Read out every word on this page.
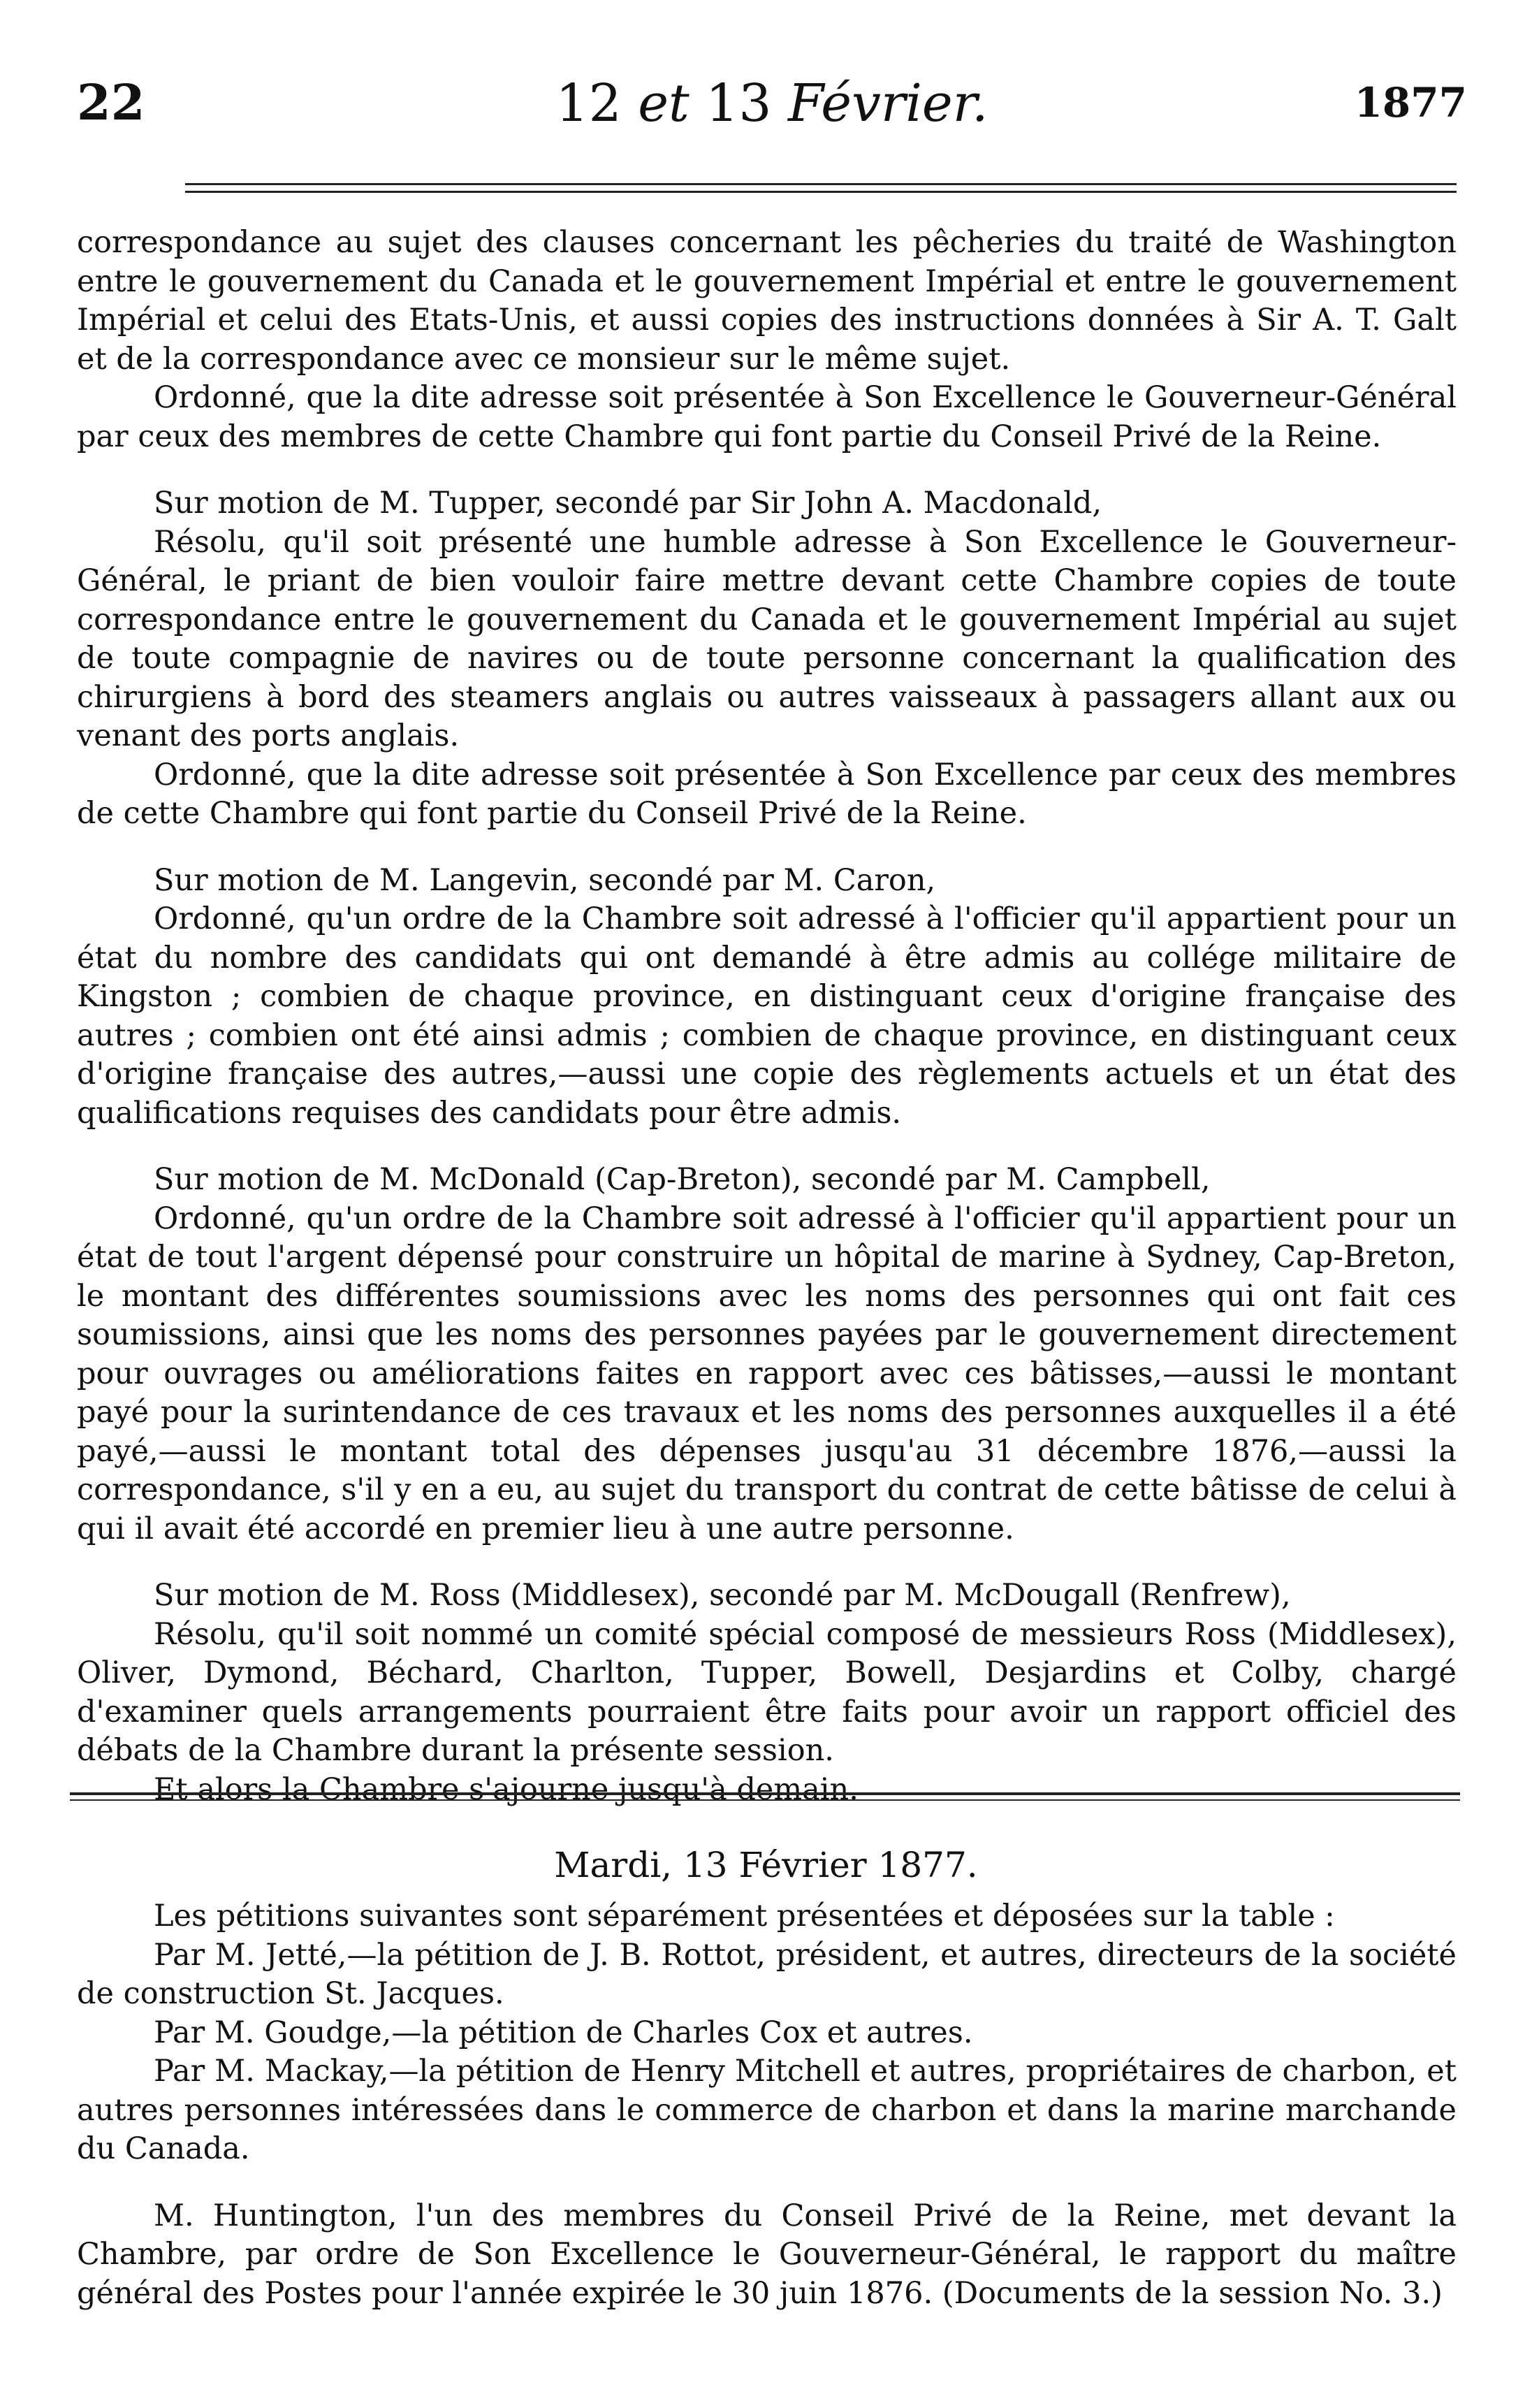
22	12 et 13 Février.	1877

correspondance au sujet des clauses concernant les pêcheries du traité de Washington entre le gouvernement du Canada et le gouvernement Impérial et entre le gouvernement Impérial et celui des Etats-Unis, et aussi copies des instructions données à Sir A. T. Galt et de la correspondance avec ce monsieur sur le même sujet.

Ordonné, que la dite adresse soit présentée à Son Excellence le Gouverneur-Général par ceux des membres de cette Chambre qui font partie du Conseil Privé de la Reine.

Sur motion de M. Tupper, secondé par Sir John A. Macdonald,

Résolu, qu'il soit présenté une humble adresse à Son Excellence le Gouverneur-Général, le priant de bien vouloir faire mettre devant cette Chambre copies de toute correspondance entre le gouvernement du Canada et le gouvernement Impérial au sujet de toute compagnie de navires ou de toute personne concernant la qualification des chirurgiens à bord des steamers anglais ou autres vaisseaux à passagers allant aux ou venant des ports anglais.

Ordonné, que la dite adresse soit présentée à Son Excellence par ceux des membres de cette Chambre qui font partie du Conseil Privé de la Reine.

Sur motion de M. Langevin, secondé par M. Caron,

Ordonné, qu'un ordre de la Chambre soit adressé à l'officier qu'il appartient pour un état du nombre des candidats qui ont demandé à être admis au collége militaire de Kingston ; combien de chaque province, en distinguant ceux d'origine française des autres ; combien ont été ainsi admis ; combien de chaque province, en distinguant ceux d'origine française des autres,—aussi une copie des règlements actuels et un état des qualifications requises des candidats pour être admis.

Sur motion de M. McDonald (Cap-Breton), secondé par M. Campbell,

Ordonné, qu'un ordre de la Chambre soit adressé à l'officier qu'il appartient pour un état de tout l'argent dépensé pour construire un hôpital de marine à Sydney, Cap-Breton, le montant des différentes soumissions avec les noms des personnes qui ont fait ces soumissions, ainsi que les noms des personnes payées par le gouvernement directement pour ouvrages ou améliorations faites en rapport avec ces bâtisses,—aussi le montant payé pour la surintendance de ces travaux et les noms des personnes auxquelles il a été payé,—aussi le montant total des dépenses jusqu'au 31 décembre 1876,—aussi la correspondance, s'il y en a eu, au sujet du transport du contrat de cette bâtisse de celui à qui il avait été accordé en premier lieu à une autre personne.

Sur motion de M. Ross (Middlesex), secondé par M. McDougall (Renfrew),

Résolu, qu'il soit nommé un comité spécial composé de messieurs Ross (Middlesex), Oliver, Dymond, Béchard, Charlton, Tupper, Bowell, Desjardins et Colby, chargé d'examiner quels arrangements pourraient être faits pour avoir un rapport officiel des débats de la Chambre durant la présente session.

Et alors la Chambre s'ajourne jusqu'à demain.

Mardi, 13 Février 1877.

Les pétitions suivantes sont séparément présentées et déposées sur la table :

Par M. Jetté,—la pétition de J. B. Rottot, président, et autres, directeurs de la société de construction St. Jacques.

Par M. Goudge,—la pétition de Charles Cox et autres.

Par M. Mackay,—la pétition de Henry Mitchell et autres, propriétaires de charbon, et autres personnes intéressées dans le commerce de charbon et dans la marine marchande du Canada.

M. Huntington, l'un des membres du Conseil Privé de la Reine, met devant la Chambre, par ordre de Son Excellence le Gouverneur-Général, le rapport du maître général des Postes pour l'année expirée le 30 juin 1876. (Documents de la session No. 3.)
